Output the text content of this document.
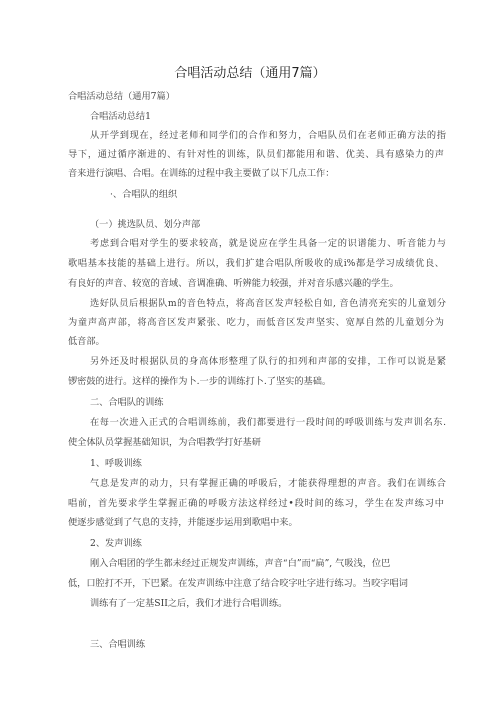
合唱活动总结（通用7篇）
合唱活动总结（通用7篇）
合唱活动总结1
从开学到现在，经过老师和同学们的合作和努力，合唱队员们在老师正确方法的指
导下，通过循序渐进的、有针对性的训练，队员们都能用和谐、优美、具有感染力的声
音来进行演唱、合唱。在训练的过程中我主要做了以下几点工作：
·、合唱队的组织
（一）挑选队员、划分声部
考虑到合唱对学生的要求较高，就是说应在学生具备一定的识谱能力、听音能力与
歌唱基本技能的基础上进行。所以，我们扩建合唱队所吸收的成i%都是学习成绩优良、
有良好的声音、较宽的音域、音调准确、听辨能力较强，并对音乐感兴趣的学生。
选好队员后根据队m的音色特点，将高音区发声轻松自如, 音色清亮充实的儿童划分
为童声高声部，将高音区发声紧张、吃力，而低音区发声坚实、宽厚自然的儿童划分为
低音部。
另外还及时根据队员的身高体形整理了队行的扣列和声部的安排，工作可以说是紧
锣密鼓的进行。这样的操作为卜.一步的训练打卜.了坚实的基础。
二、合唱队的训练
在每一次进入正式的合唱训练前，我们都要进行一段时间的呼吸训练与发声训名东.
使全体队员掌握基础知识，为合唱教学打好基研
1、呼吸训练
气息是发声的动力，只有掌握正确的呼吸后，才能获得理想的声音。我们在训练合
唱前，首先要求学生掌握正确的呼吸方法这样经过•段时间的练习，学生在发声练习中
便逐步感觉到了气息的支持，并能逐步运用到歌唱中来。
2、发声训练
刚入合唱团的学生都未经过正规发声训练，声音“白”而“扁”, 气吸浅，位巴
低，口腔打不开，下巴紧。在发声训练中注意了结合咬字吐字进行练习。当咬字唱词
训练有了一定基SII之后，我们才进行合唱训练。
三、合唱训练
